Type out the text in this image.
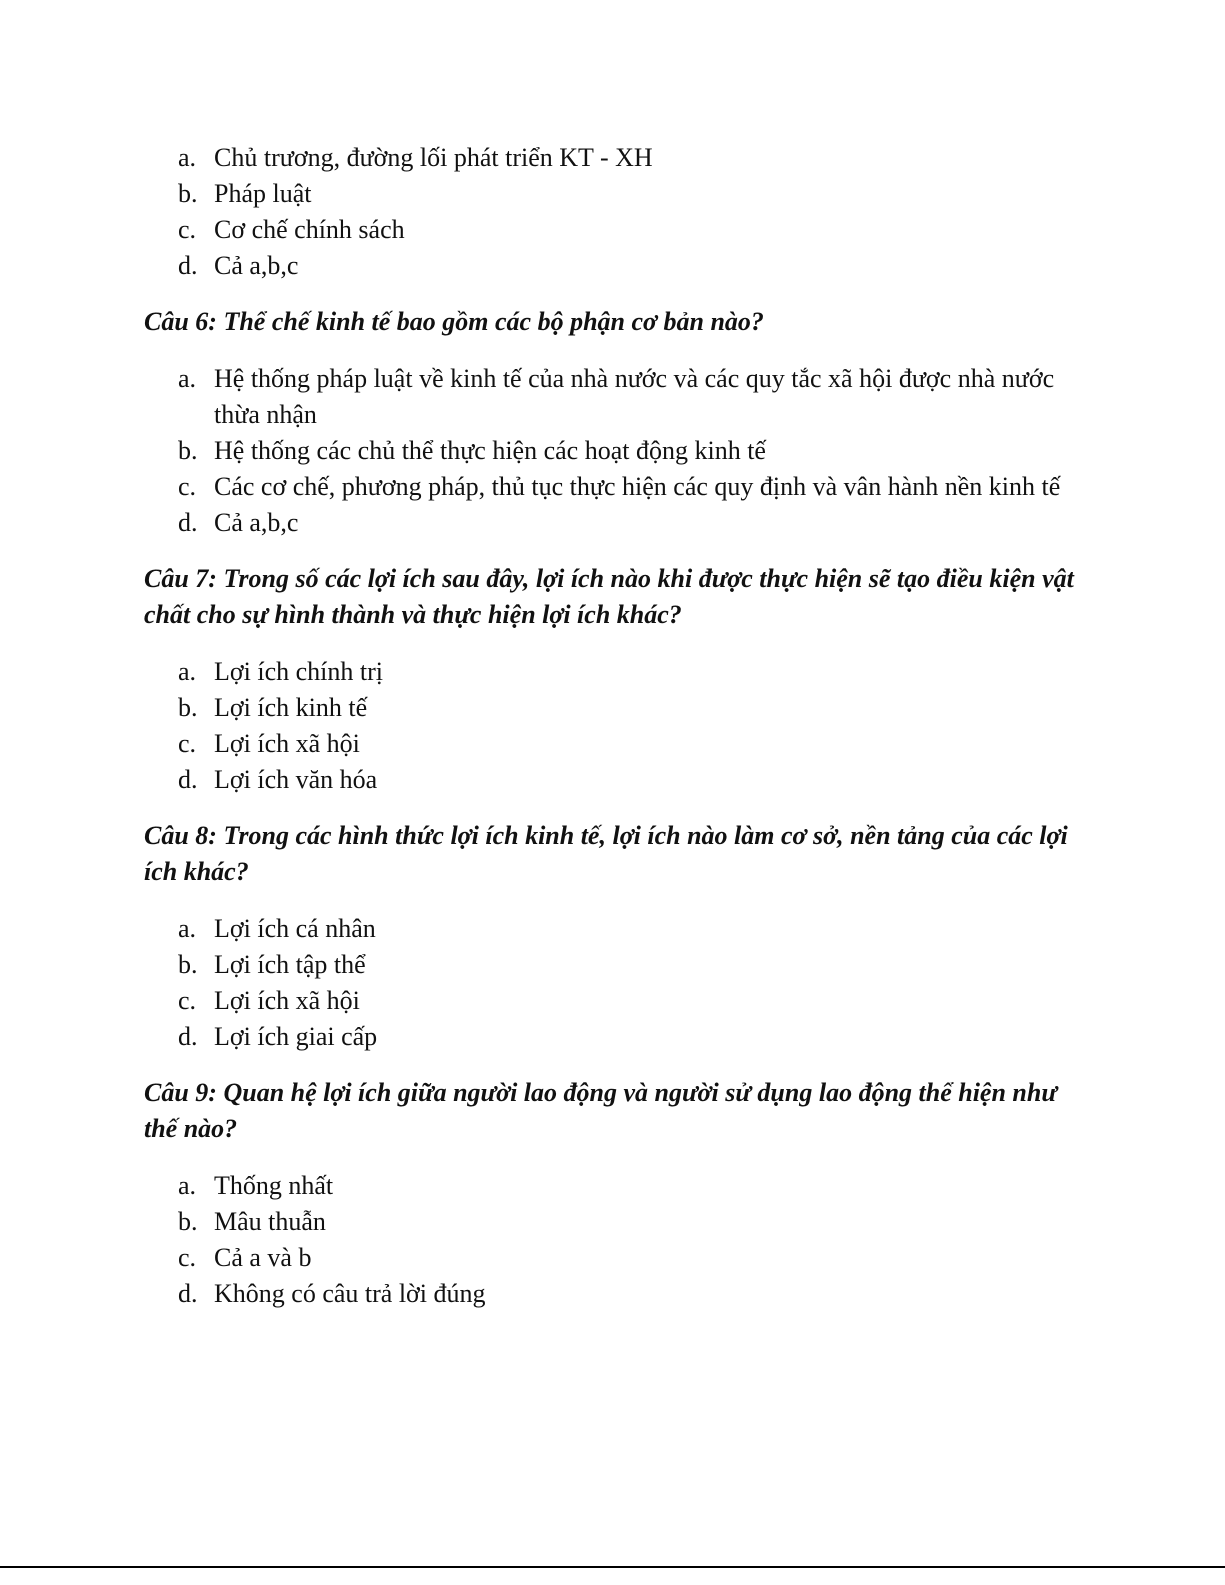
a. Chủ trương, đường lối phát triển KT - XH
b. Pháp luật
c. Cơ chế chính sách
d. Cả a,b,c

Câu 6: Thể chế kinh tế bao gồm các bộ phận cơ bản nào?

a. Hệ thống pháp luật về kinh tế của nhà nước và các quy tắc xã hội được nhà nước thừa nhận
b. Hệ thống các chủ thể thực hiện các hoạt động kinh tế
c. Các cơ chế, phương pháp, thủ tục thực hiện các quy định và vân hành nền kinh tế
d. Cả a,b,c

Câu 7: Trong số các lợi ích sau đây, lợi ích nào khi được thực hiện sẽ tạo điều kiện vật chất cho sự hình thành và thực hiện lợi ích khác?

a. Lợi ích chính trị
b. Lợi ích kinh tế
c. Lợi ích xã hội
d. Lợi ích văn hóa

Câu 8: Trong các hình thức lợi ích kinh tế, lợi ích nào làm cơ sở, nền tảng của các lợi ích khác?

a. Lợi ích cá nhân
b. Lợi ích tập thể
c. Lợi ích xã hội
d. Lợi ích giai cấp

Câu 9: Quan hệ lợi ích giữa người lao động và người sử dụng lao động thể hiện như thế nào?

a. Thống nhất
b. Mâu thuẫn
c. Cả a và b
d. Không có câu trả lời đúng
